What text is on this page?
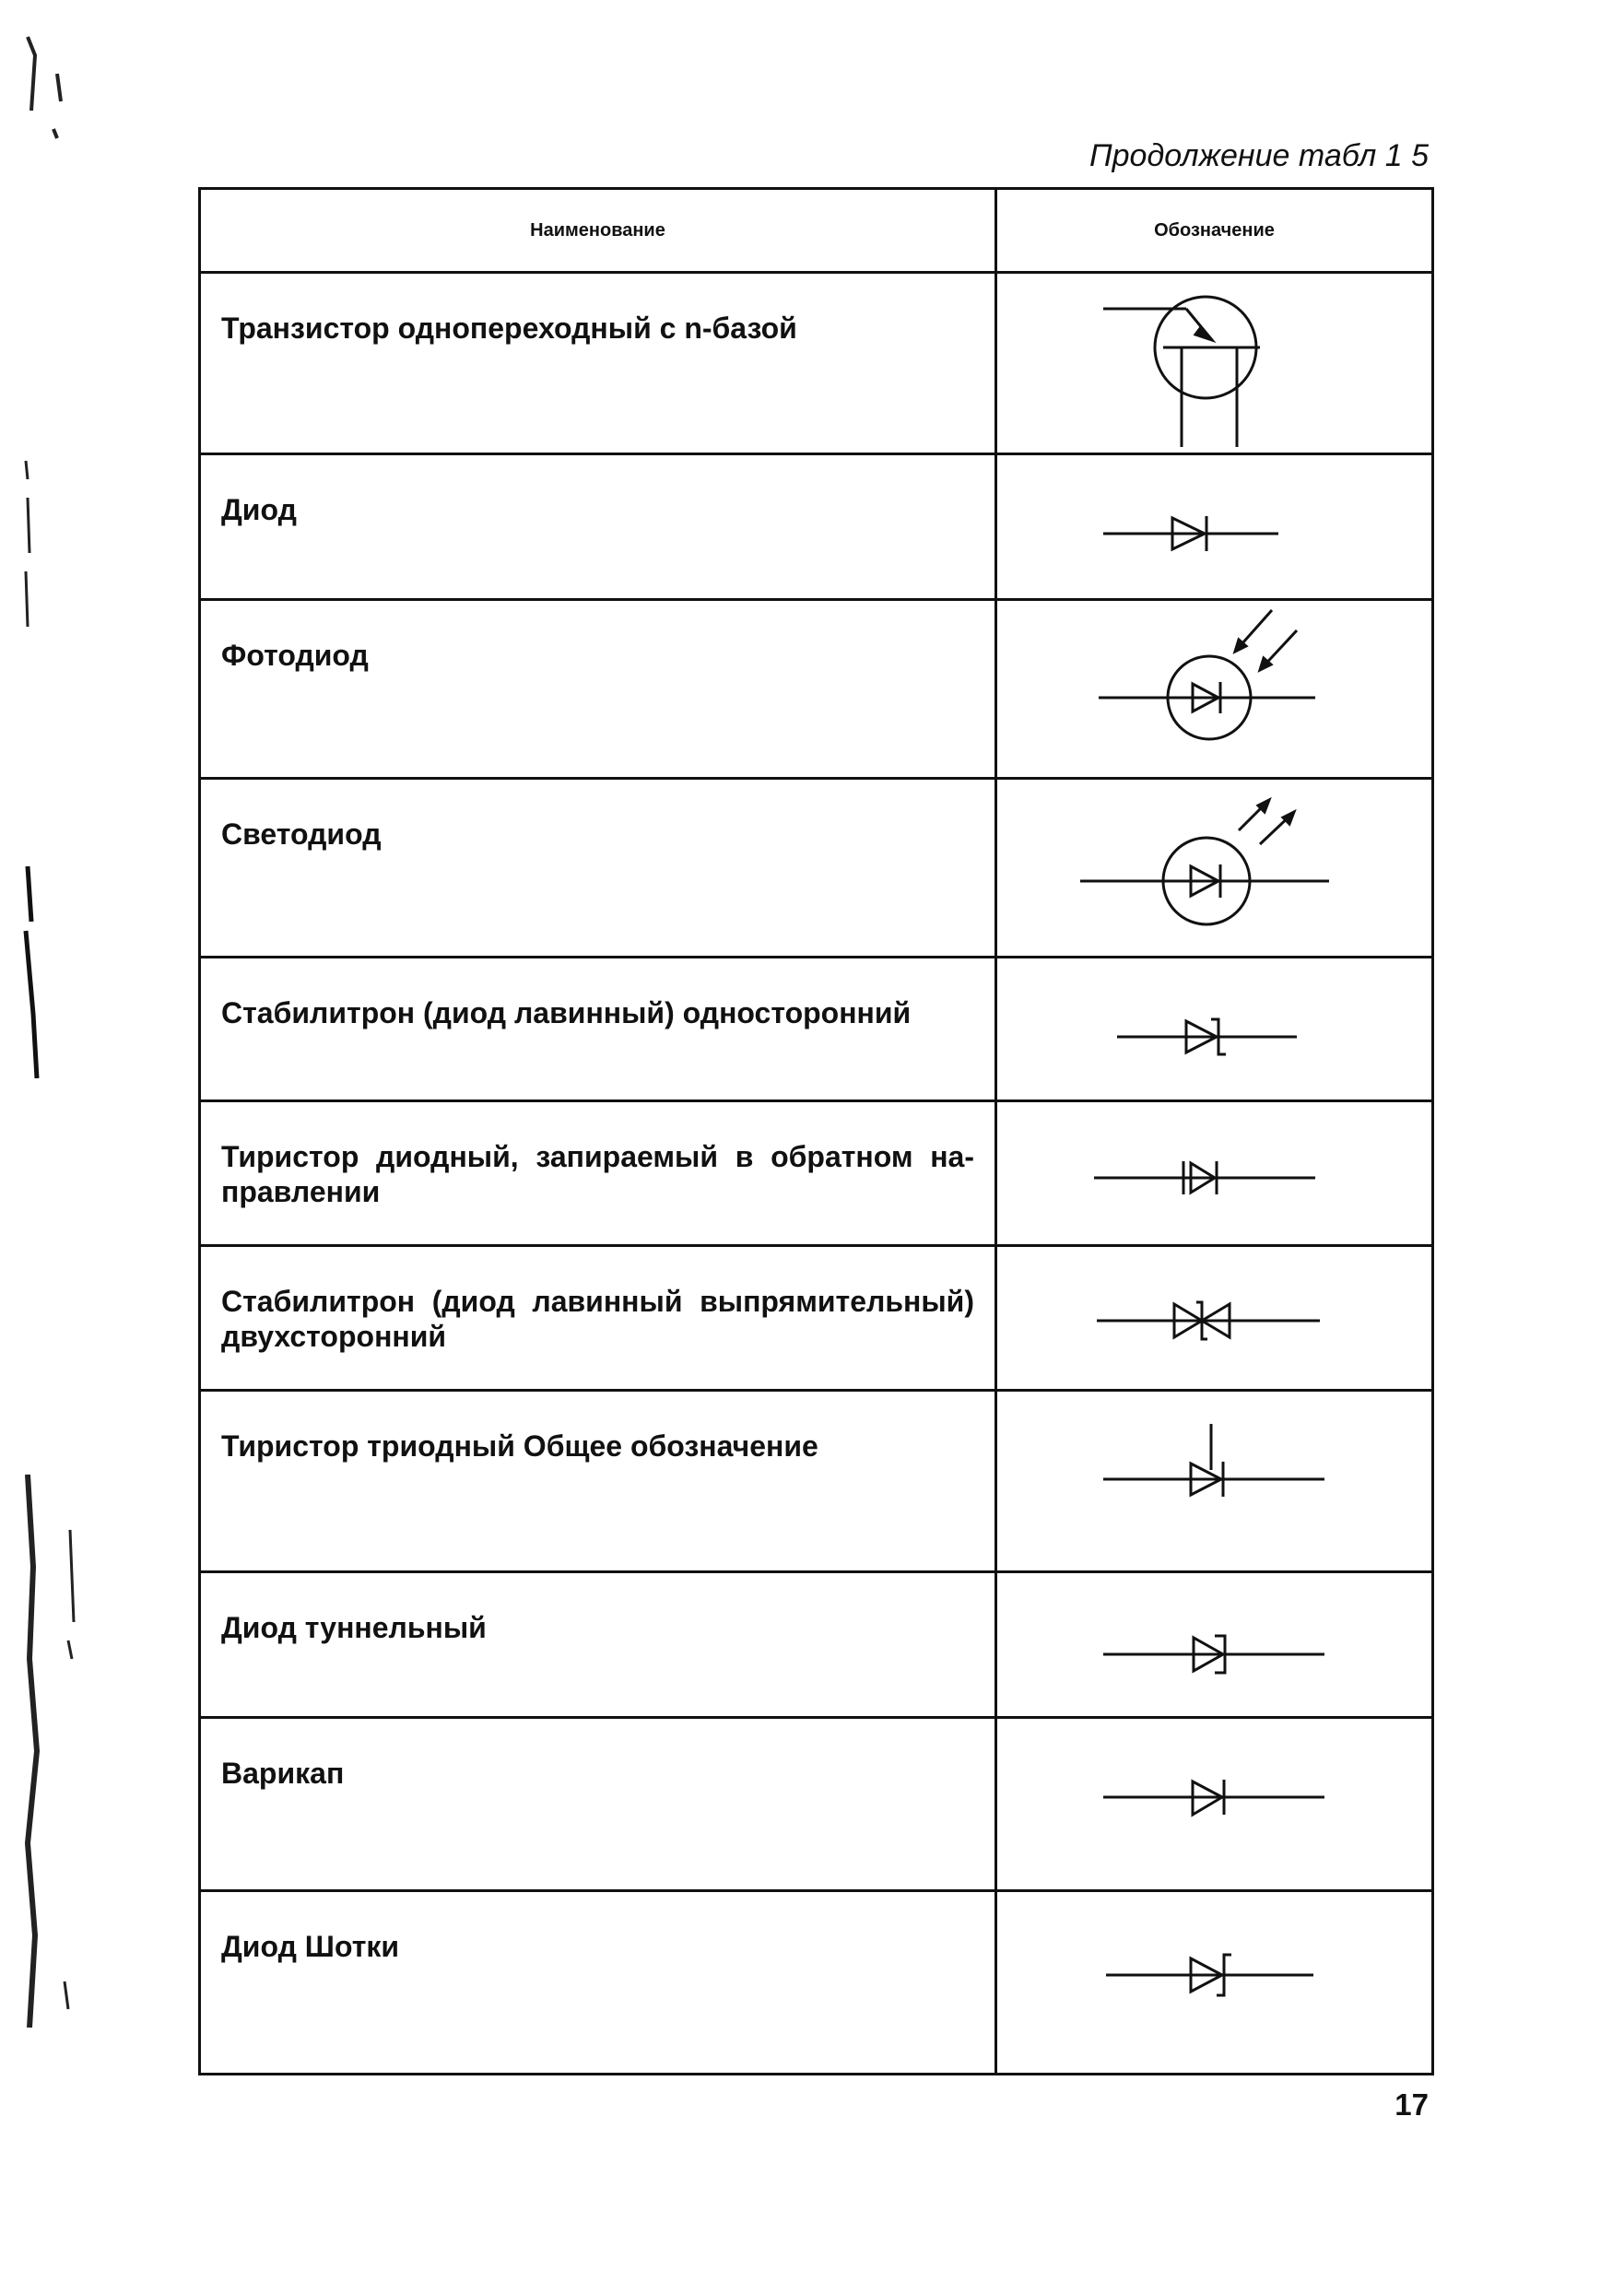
Продолжение табл 1 5
Наименование	Обозначение
Транзистор однопереходный с n-базой	

Диод	

Фотодиод	

Светодиод	

Стабилитрон (диод лавинный) односторонний	

Тиристор диодный, запираемый в обратном на-правлении	

Стабилитрон (диод лавинный выпрямительный) двухсторонний	

Тиристор триодный Общее обозначение	

Диод туннельный	

Варикап	

Диод Шотки	
17
